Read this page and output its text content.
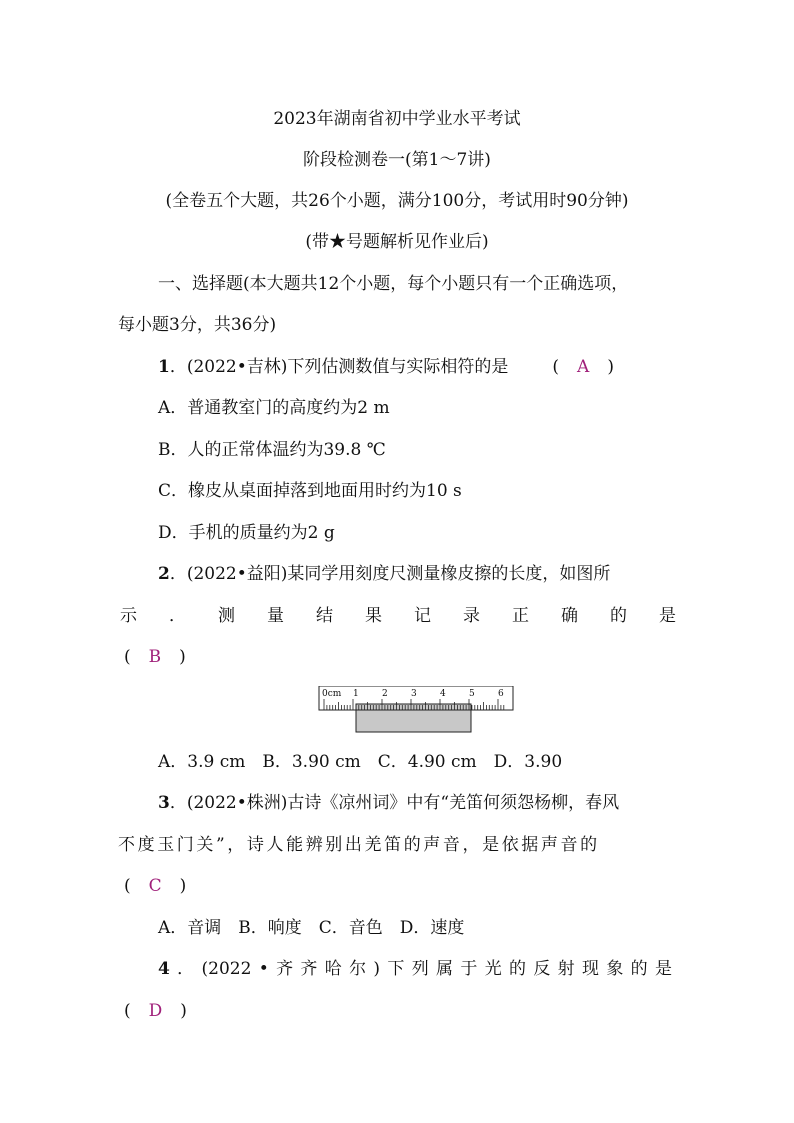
2023年湖南省初中学业水平考试
阶段检测卷一(第1～7讲)
(全卷五个大题，共26个小题，满分100分，考试用时90分钟)
(带★号题解析见作业后)
一、选择题(本大题共12个小题，每个小题只有一个正确选项，
每小题3分，共36分)
1．(2022•吉林)下列估测数值与实际相符的是	( A )
A．普通教室门的高度约为2 m
B．人的正常体温约为39.8 ℃
C．橡皮从桌面掉落到地面用时约为10 s
D．手机的质量约为2 g
2．(2022•益阳)某同学用刻度尺测量橡皮擦的长度，如图所
示 ． 测 量 结 果 记 录 正 确 的 是
( B )
0cm 1	2	3	4	5	6
A．3.9 cm　B．3.90 cm　C．4.90 cm　D．3.90
3．(2022•株洲)古诗《凉州词》中有“羌笛何须怨杨柳，春风
不度玉门关”，诗人能辨别出羌笛的声音，是依据声音的
( C )
A．音调　B．响度　C．音色　D．速度
4 ． (2022 • 齐 齐 哈 尔 ) 下 列 属 于 光 的 反 射 现 象 的 是
( D )
